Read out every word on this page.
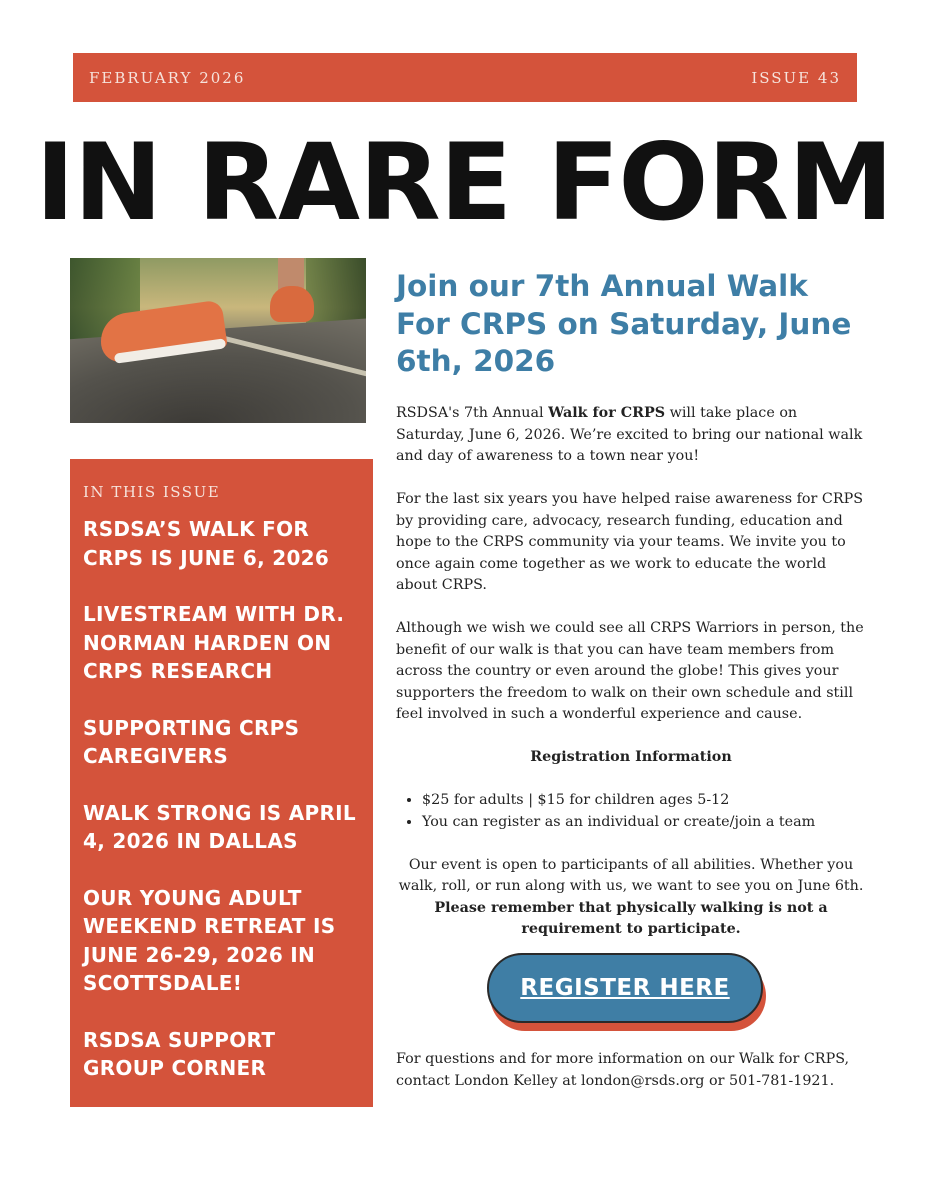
FEBRUARY 2026	ISSUE 43
IN RARE FORM
IN THIS ISSUE
RSDSA’S WALK FOR CRPS IS JUNE 6, 2026
LIVESTREAM WITH DR. NORMAN HARDEN ON CRPS RESEARCH
SUPPORTING CRPS CAREGIVERS
WALK STRONG IS APRIL 4, 2026 IN DALLAS
OUR YOUNG ADULT WEEKEND RETREAT IS JUNE 26-29, 2026 IN SCOTTSDALE!
RSDSA SUPPORT GROUP CORNER
Join our 7th Annual Walk For CRPS on Saturday, June 6th, 2026

RSDSA's 7th Annual Walk for CRPS will take place on Saturday, June 6, 2026. We’re excited to bring our national walk and day of awareness to a town near you!

For the last six years you have helped raise awareness for CRPS by providing care, advocacy, research funding, education and hope to the CRPS community via your teams. We invite you to once again come together as we work to educate the world about CRPS.

Although we wish we could see all CRPS Warriors in person, the benefit of our walk is that you can have team members from across the country or even around the globe! This gives your supporters the freedom to walk on their own schedule and still feel involved in such a wonderful experience and cause.

Registration Information

• $25 for adults | $15 for children ages 5-12
• You can register as an individual or create/join a team

Our event is open to participants of all abilities. Whether you walk, roll, or run along with us, we want to see you on June 6th.

Please remember that physically walking is not a requirement to participate.

REGISTER HERE
For questions and for more information on our Walk for CRPS, contact London Kelley at london@rsds.org or 501-781-1921.
